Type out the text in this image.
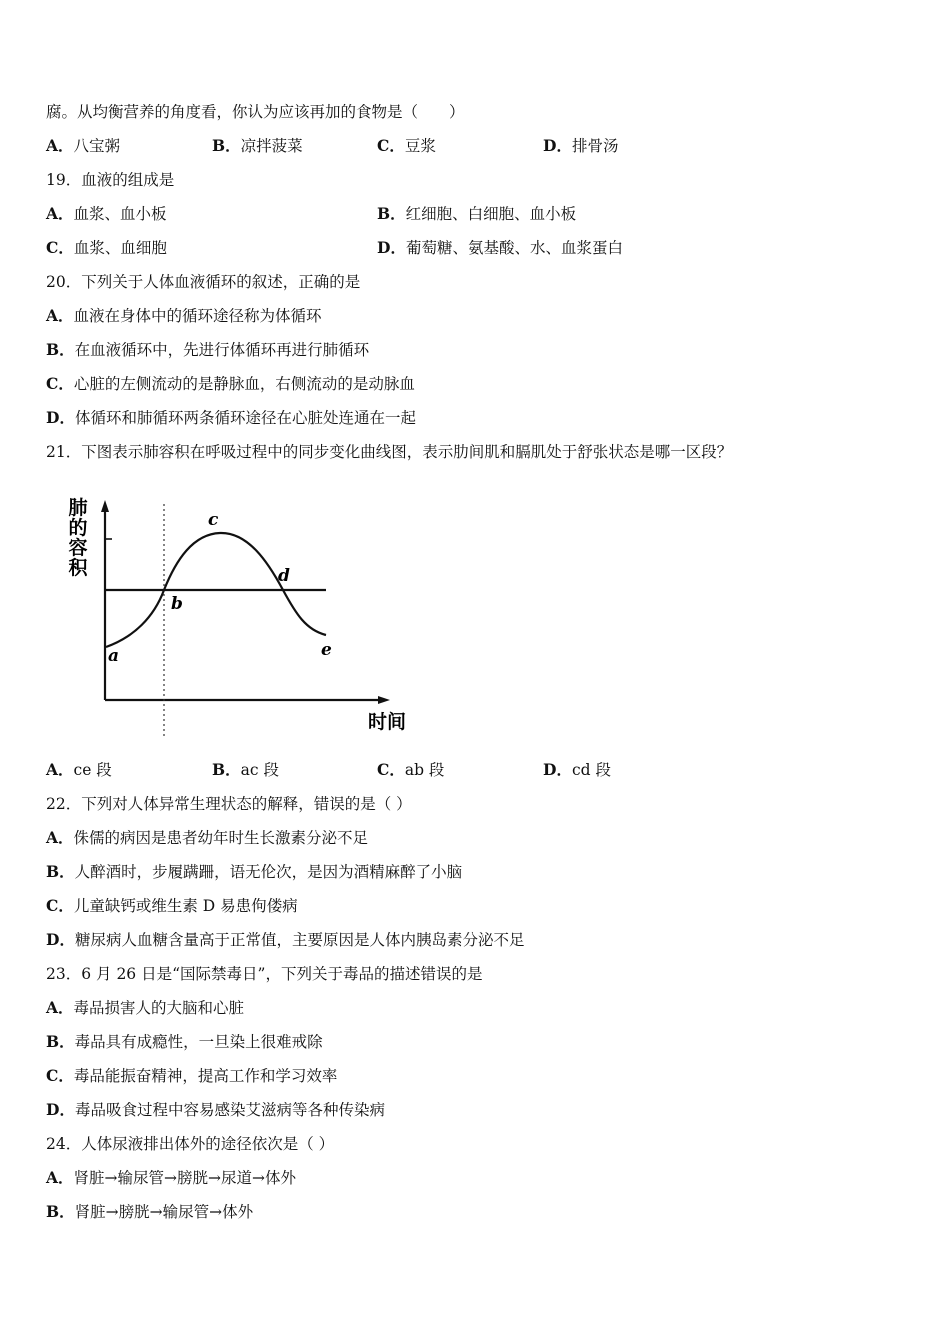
腐。从均衡营养的角度看，你认为应该再加的食物是（　　）
A．八宝粥	B．凉拌菠菜	C．豆浆	D．排骨汤
19．血液的组成是
A．血浆、血小板	B．红细胞、白细胞、血小板
C．血浆、血细胞	D．葡萄糖、氨基酸、水、血浆蛋白
20．下列关于人体血液循环的叙述，正确的是
A．血液在身体中的循环途径称为体循环
B．在血液循环中，先进行体循环再进行肺循环
C．心脏的左侧流动的是静脉血，右侧流动的是动脉血
D．体循环和肺循环两条循环途径在心脏处连通在一起
21．下图表示肺容积在呼吸过程中的同步变化曲线图，表示肋间肌和膈肌处于舒张状态是哪一区段？
肺的容积
a
b
c
d
e
时间
A．ce 段	B．ac 段	C．ab 段	D．cd 段
22．下列对人体异常生理状态的解释，错误的是（ ）
A．侏儒的病因是患者幼年时生长激素分泌不足
B．人醉酒时，步履蹒跚，语无伦次，是因为酒精麻醉了小脑
C．儿童缺钙或维生素 D 易患佝偻病
D．糖尿病人血糖含量高于正常值，主要原因是人体内胰岛素分泌不足
23．6 月 26 日是“国际禁毒日”，下列关于毒品的描述错误的是
A．毒品损害人的大脑和心脏
B．毒品具有成瘾性，一旦染上很难戒除
C．毒品能振奋精神，提高工作和学习效率
D．毒品吸食过程中容易感染艾滋病等各种传染病
24．人体尿液排出体外的途径依次是（ ）
A．肾脏→输尿管→膀胱→尿道→体外
B．肾脏→膀胱→输尿管→体外
